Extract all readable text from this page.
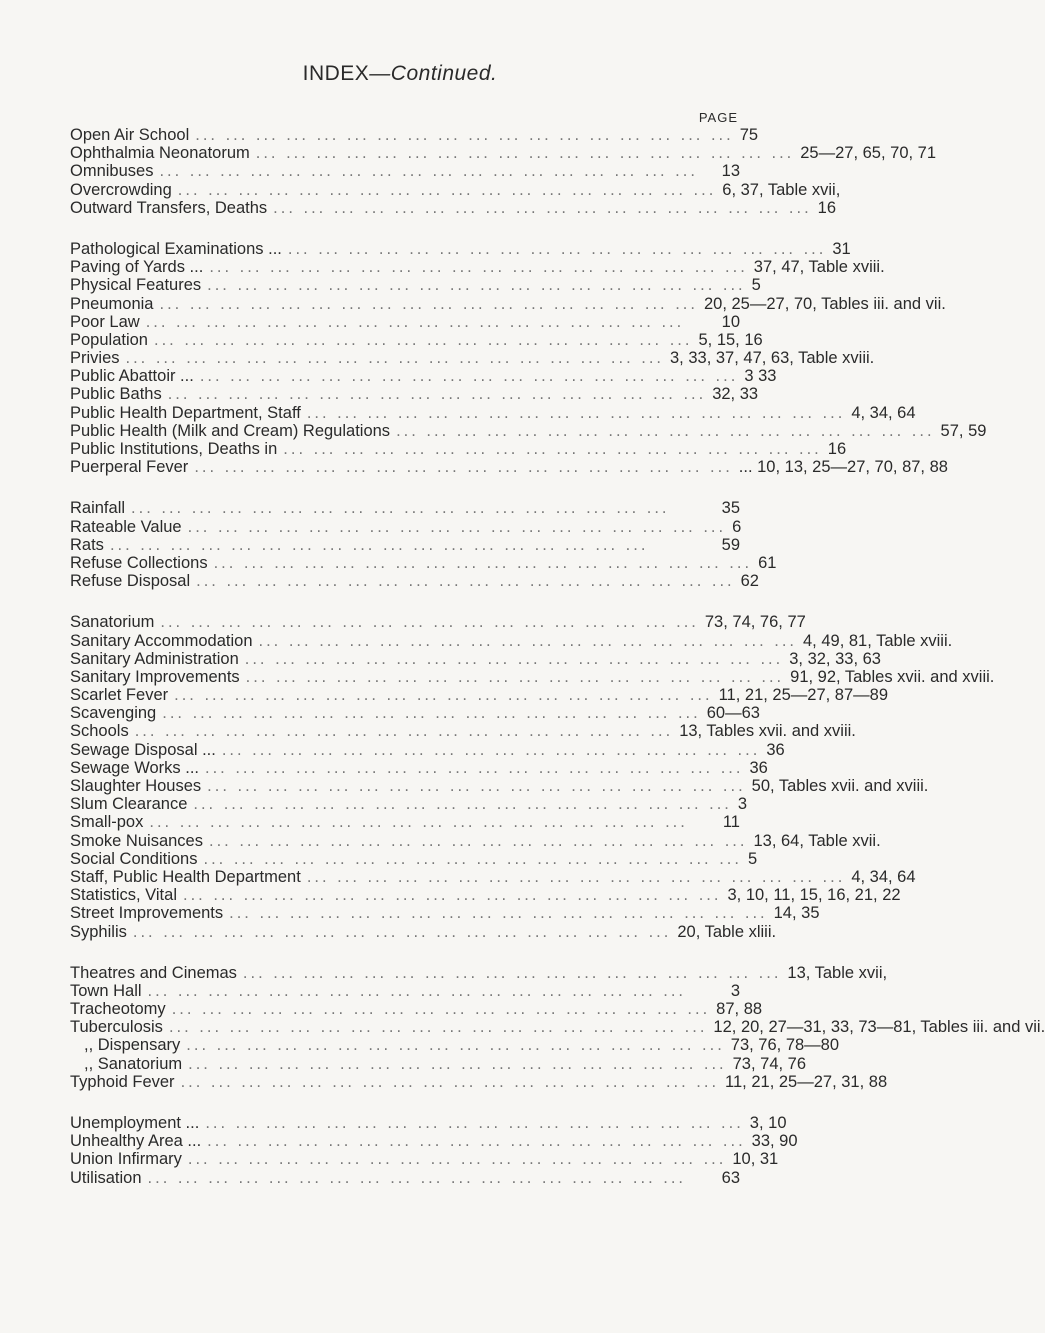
INDEX—Continued.
PAGE
Open Air School ... ... ... ... ... ... ... ... ... ... ... ... ... ... ... ... ... ... 75
Ophthalmia Neonatorum ... ... ... ... ... ... ... ... ... ... ... ... ... ... ... ... ... ... 25—27, 65, 70, 71
Omnibuses ... ... ... ... ... ... ... ... ... ... ... ... ... ... ... ... ... ...	13
Overcrowding ... ... ... ... ... ... ... ... ... ... ... ... ... ... ... ... ... ... 6, 37, Table xvii,
Outward Transfers, Deaths ... ... ... ... ... ... ... ... ... ... ... ... ... ... ... ... ... ... 16
Pathological Examinations ... ... ... ... ... ... ... ... ... ... ... ... ... ... ... ... ... ... ... 31
Paving of Yards ... ... ... ... ... ... ... ... ... ... ... ... ... ... ... ... ... ... ... 37, 47, Table xviii.
Physical Features ... ... ... ... ... ... ... ... ... ... ... ... ... ... ... ... ... ... 5
Pneumonia ... ... ... ... ... ... ... ... ... ... ... ... ... ... ... ... ... ... 20, 25—27, 70, Tables iii. and vii.
Poor Law ... ... ... ... ... ... ... ... ... ... ... ... ... ... ... ... ... ...	10
Population ... ... ... ... ... ... ... ... ... ... ... ... ... ... ... ... ... ... 5, 15, 16
Privies ... ... ... ... ... ... ... ... ... ... ... ... ... ... ... ... ... ... 3, 33, 37, 47, 63, Table xviii.
Public Abattoir ... ... ... ... ... ... ... ... ... ... ... ... ... ... ... ... ... ... ... 3 33
Public Baths ... ... ... ... ... ... ... ... ... ... ... ... ... ... ... ... ... ... 32, 33
Public Health Department, Staff ... ... ... ... ... ... ... ... ... ... ... ... ... ... ... ... ... ... 4, 34, 64
Public Health (Milk and Cream) Regulations ... ... ... ... ... ... ... ... ... ... ... ... ... ... ... ... ... ... 57, 59
Public Institutions, Deaths in ... ... ... ... ... ... ... ... ... ... ... ... ... ... ... ... ... ... 16
Puerperal Fever ... ... ... ... ... ... ... ... ... ... ... ... ... ... ... ... ... ... ... 10, 13, 25—27, 70, 87, 88
Rainfall ... ... ... ... ... ... ... ... ... ... ... ... ... ... ... ... ... ...	35
Rateable Value ... ... ... ... ... ... ... ... ... ... ... ... ... ... ... ... ... ... 6
Rats ... ... ... ... ... ... ... ... ... ... ... ... ... ... ... ... ... ...	59
Refuse Collections ... ... ... ... ... ... ... ... ... ... ... ... ... ... ... ... ... ... 61
Refuse Disposal ... ... ... ... ... ... ... ... ... ... ... ... ... ... ... ... ... ... 62
Sanatorium ... ... ... ... ... ... ... ... ... ... ... ... ... ... ... ... ... ... 73, 74, 76, 77
Sanitary Accommodation ... ... ... ... ... ... ... ... ... ... ... ... ... ... ... ... ... ... 4, 49, 81, Table xviii.
Sanitary Administration ... ... ... ... ... ... ... ... ... ... ... ... ... ... ... ... ... ... 3, 32, 33, 63
Sanitary Improvements ... ... ... ... ... ... ... ... ... ... ... ... ... ... ... ... ... ... 91, 92, Tables xvii. and xviii.
Scarlet Fever ... ... ... ... ... ... ... ... ... ... ... ... ... ... ... ... ... ... 11, 21, 25—27, 87—89
Scavenging ... ... ... ... ... ... ... ... ... ... ... ... ... ... ... ... ... ... 60—63
Schools ... ... ... ... ... ... ... ... ... ... ... ... ... ... ... ... ... ... 13, Tables xvii. and xviii.
Sewage Disposal ... ... ... ... ... ... ... ... ... ... ... ... ... ... ... ... ... ... ... 36
Sewage Works ... ... ... ... ... ... ... ... ... ... ... ... ... ... ... ... ... ... ... 36
Slaughter Houses ... ... ... ... ... ... ... ... ... ... ... ... ... ... ... ... ... ... 50, Tables xvii. and xviii.
Slum Clearance ... ... ... ... ... ... ... ... ... ... ... ... ... ... ... ... ... ... 3
Small-pox ... ... ... ... ... ... ... ... ... ... ... ... ... ... ... ... ... ...	11
Smoke Nuisances ... ... ... ... ... ... ... ... ... ... ... ... ... ... ... ... ... ... 13, 64, Table xvii.
Social Conditions ... ... ... ... ... ... ... ... ... ... ... ... ... ... ... ... ... ... 5
Staff, Public Health Department ... ... ... ... ... ... ... ... ... ... ... ... ... ... ... ... ... ... 4, 34, 64
Statistics, Vital ... ... ... ... ... ... ... ... ... ... ... ... ... ... ... ... ... ... 3, 10, 11, 15, 16, 21, 22
Street Improvements ... ... ... ... ... ... ... ... ... ... ... ... ... ... ... ... ... ... 14, 35
Syphilis ... ... ... ... ... ... ... ... ... ... ... ... ... ... ... ... ... ... 20, Table xliii.
Theatres and Cinemas ... ... ... ... ... ... ... ... ... ... ... ... ... ... ... ... ... ... 13, Table xvii,
Town Hall ... ... ... ... ... ... ... ... ... ... ... ... ... ... ... ... ... ...	3
Tracheotomy ... ... ... ... ... ... ... ... ... ... ... ... ... ... ... ... ... ... 87, 88
Tuberculosis ... ... ... ... ... ... ... ... ... ... ... ... ... ... ... ... ... ... 12, 20, 27—31, 33, 73—81, Tables iii. and vii.
,, Dispensary ... ... ... ... ... ... ... ... ... ... ... ... ... ... ... ... ... ... 73, 76, 78—80
,, Sanatorium ... ... ... ... ... ... ... ... ... ... ... ... ... ... ... ... ... ... 73, 74, 76
Typhoid Fever ... ... ... ... ... ... ... ... ... ... ... ... ... ... ... ... ... ... 11, 21, 25—27, 31, 88
Unemployment ... ... ... ... ... ... ... ... ... ... ... ... ... ... ... ... ... ... ... 3, 10
Unhealthy Area ... ... ... ... ... ... ... ... ... ... ... ... ... ... ... ... ... ... ... 33, 90
Union Infirmary ... ... ... ... ... ... ... ... ... ... ... ... ... ... ... ... ... ... 10, 31
Utilisation ... ... ... ... ... ... ... ... ... ... ... ... ... ... ... ... ... ...	63
